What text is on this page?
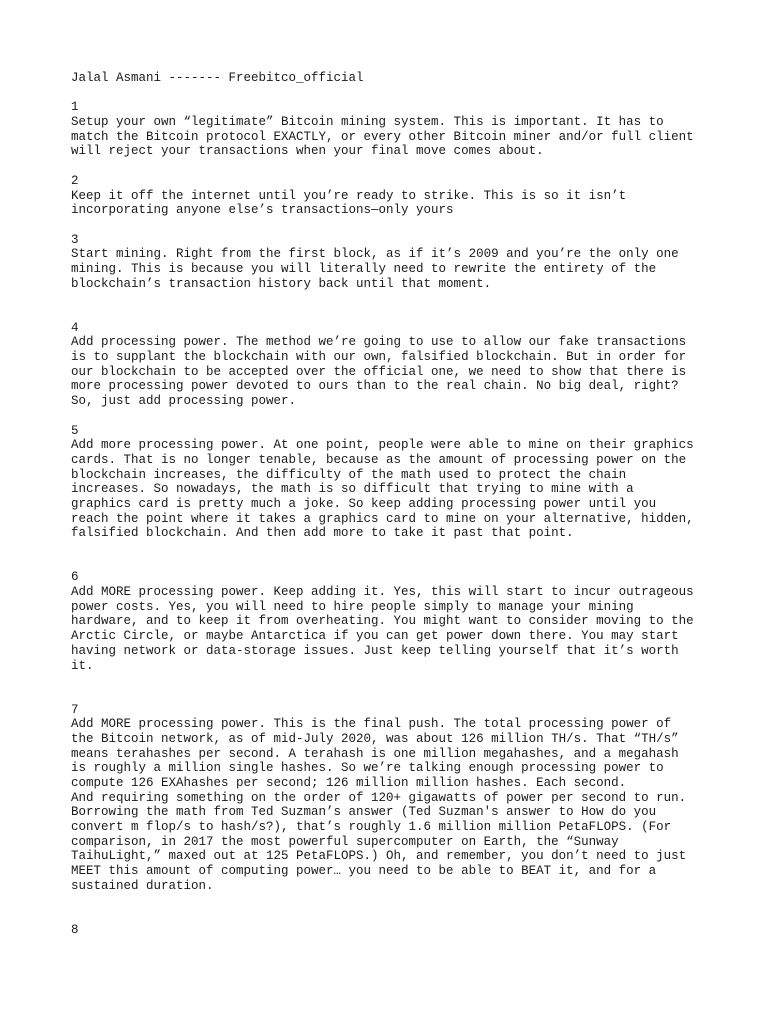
Jalal Asmani ------- Freebitco_official
1
Setup your own “legitimate” Bitcoin mining system. This is important. It has to
match the Bitcoin protocol EXACTLY, or every other Bitcoin miner and/or full client
will reject your transactions when your final move comes about.
2
Keep it off the internet until you’re ready to strike. This is so it isn’t
incorporating anyone else’s transactions—only yours
3
Start mining. Right from the first block, as if it’s 2009 and you’re the only one
mining. This is because you will literally need to rewrite the entirety of the
blockchain’s transaction history back until that moment.
4
Add processing power. The method we’re going to use to allow our fake transactions
is to supplant the blockchain with our own, falsified blockchain. But in order for
our blockchain to be accepted over the official one, we need to show that there is
more processing power devoted to ours than to the real chain. No big deal, right?
So, just add processing power.
5
Add more processing power. At one point, people were able to mine on their graphics
cards. That is no longer tenable, because as the amount of processing power on the
blockchain increases, the difficulty of the math used to protect the chain
increases. So nowadays, the math is so difficult that trying to mine with a
graphics card is pretty much a joke. So keep adding processing power until you
reach the point where it takes a graphics card to mine on your alternative, hidden,
falsified blockchain. And then add more to take it past that point.
6
Add MORE processing power. Keep adding it. Yes, this will start to incur outrageous
power costs. Yes, you will need to hire people simply to manage your mining
hardware, and to keep it from overheating. You might want to consider moving to the
Arctic Circle, or maybe Antarctica if you can get power down there. You may start
having network or data-storage issues. Just keep telling yourself that it’s worth
it.
7
Add MORE processing power. This is the final push. The total processing power of
the Bitcoin network, as of mid-July 2020, was about 126 million TH/s. That “TH/s”
means terahashes per second. A terahash is one million megahashes, and a megahash
is roughly a million single hashes. So we’re talking enough processing power to
compute 126 EXAhashes per second; 126 million million hashes. Each second.
And requiring something on the order of 120+ gigawatts of power per second to run.
Borrowing the math from Ted Suzman’s answer (Ted Suzman's answer to How do you
convert m flop/s to hash/s?), that’s roughly 1.6 million million PetaFLOPS. (For
comparison, in 2017 the most powerful supercomputer on Earth, the “Sunway
TaihuLight,” maxed out at 125 PetaFLOPS.) Oh, and remember, you don’t need to just
MEET this amount of computing power… you need to be able to BEAT it, and for a
sustained duration.
8
